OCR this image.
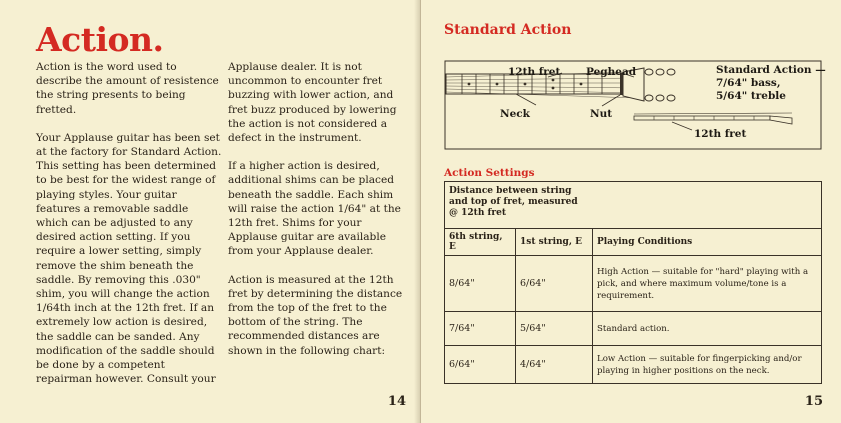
Action.

Action is the word used to describe the amount of resistence the string presents to being fretted.

Your Applause guitar has been set at the factory for Standard Action. This setting has been determined to be best for the widest range of playing styles. Your guitar features a removable saddle which can be adjusted to any desired action setting. If you require a lower setting, simply remove the shim beneath the saddle. By removing this .030" shim, you will change the action 1/64th inch at the 12th fret. If an extremely low action is desired, the saddle can be sanded. Any modification of the saddle should be done by a competent repairman however. Consult your

Applause dealer. It is not uncommon to encounter fret buzzing with lower action, and fret buzz produced by lowering the action is not considered a defect in the instrument.

If a higher action is desired, additional shims can be placed beneath the saddle. Each shim will raise the action 1/64" at the 12th fret. Shims for your Applause guitar are available from your Applause dealer.

Action is measured at the 12th fret by determining the distance from the top of the fret to the bottom of the string. The recommended distances are shown in the following chart:

14
Standard Action
12th fret Peghead
Neck	Nut
12th fret
Standard Action —
7/64" bass,
5/64" treble
Action Settings
Distance between string and top of fret, measured @ 12th fret		

6th string, E	1st string, E	Playing Conditions
8/64"	6/64"	High Action — suitable for "hard" playing with a pick, and where maximum volume/tone is a requirement.
7/64"	5/64"	Standard action.
6/64"	4/64"	Low Action — suitable for fingerpicking and/or playing in higher positions on the neck.
15
